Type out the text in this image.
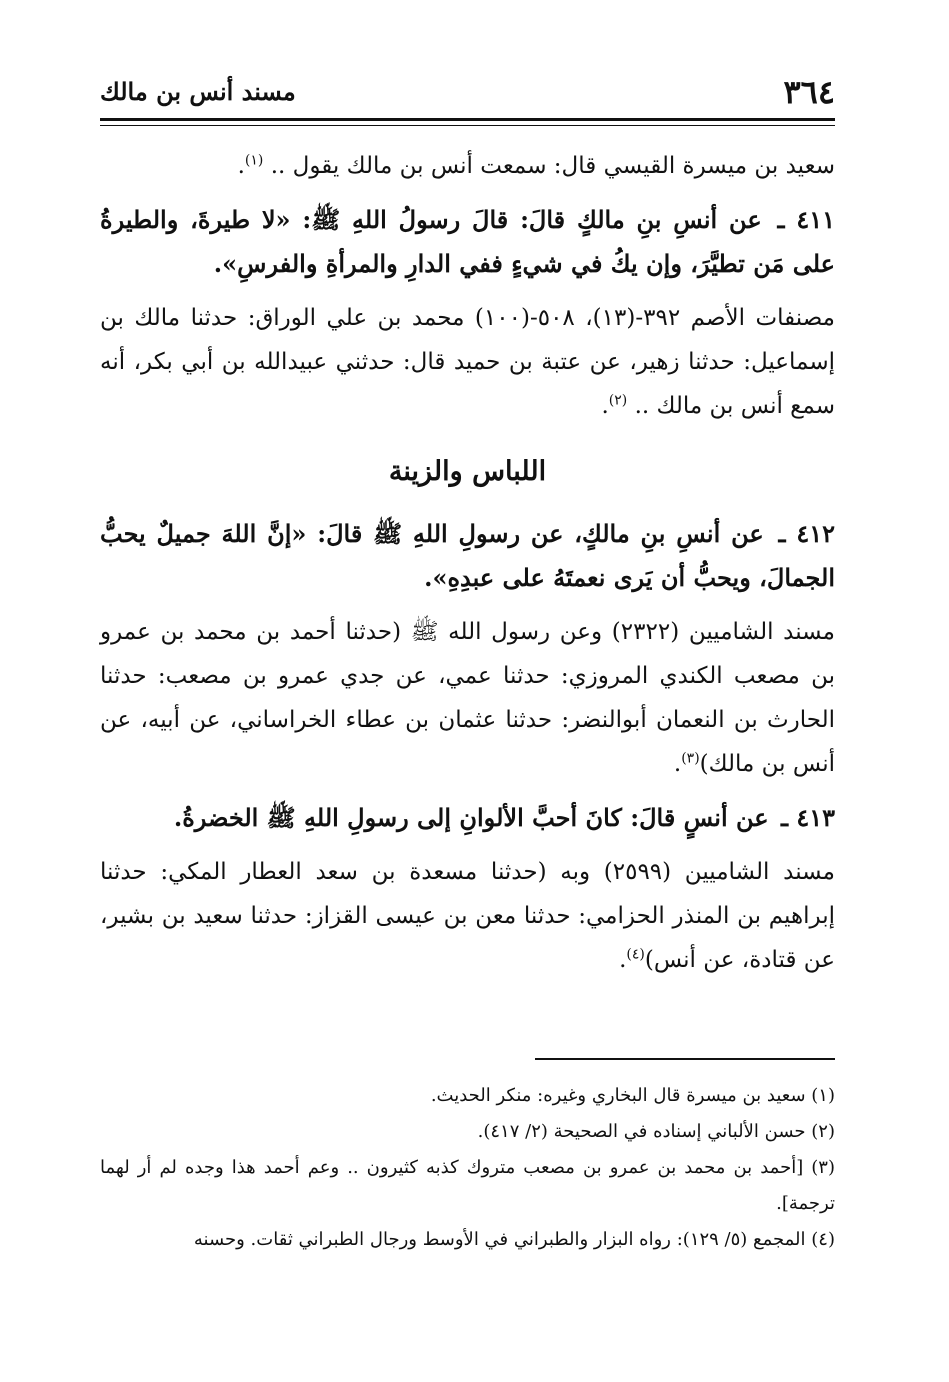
٣٦٤
مسند أنس بن مالك

سعيد بن ميسرة القيسي قال: سمعت أنس بن مالك يقول .. $^{(١)}$.

٤١١ ـ عن أنسِ بنِ مالكٍ قالَ: قالَ رسولُ اللهِ ﷺ: «لا طيرةَ، والطيرةُ على مَن تطيَّرَ، وإن يكُ في شيءٍ ففي الدارِ والمرأةِ والفرسِ».

مصنفات الأصم ٣٩٢-(١٣)، ٥٠٨-(١٠٠) محمد بن علي الوراق: حدثنا مالك بن إسماعيل: حدثنا زهير، عن عتبة بن حميد قال: حدثني عبيدالله بن أبي بكر، أنه سمع أنس بن مالك .. $^{(٢)}$.

اللباس والزينة

٤١٢ ـ عن أنسِ بنِ مالكٍ، عن رسولِ اللهِ ﷺ قالَ: «إنَّ اللهَ جميلٌ يحبُّ الجمالَ، ويحبُّ أن يَرى نعمتَهُ على عبدِهِ».

مسند الشاميين (٢٣٢٢) وعن رسول الله ﷺ (حدثنا أحمد بن محمد بن عمرو بن مصعب الكندي المروزي: حدثنا عمي، عن جدي عمرو بن مصعب: حدثنا الحارث بن النعمان أبوالنضر: حدثنا عثمان بن عطاء الخراساني، عن أبيه، عن أنس بن مالك)$^{(٣)}$.

٤١٣ ـ عن أنسٍ قالَ: كانَ أحبَّ الألوانِ إلى رسولِ اللهِ ﷺ الخضرةُ.

مسند الشاميين (٢٥٩٩) وبه (حدثنا مسعدة بن سعد العطار المكي: حدثنا إبراهيم بن المنذر الحزامي: حدثنا معن بن عيسى القزاز: حدثنا سعيد بن بشير، عن قتادة، عن أنس)$^{(٤)}$.

(١) سعيد بن ميسرة قال البخاري وغيره: منكر الحديث.
(٢) حسن الألباني إسناده في الصحيحة (٢/ ٤١٧).
(٣) [أحمد بن محمد بن عمرو بن مصعب متروك كذبه كثيرون .. وعم أحمد هذا وجده لم أر لهما ترجمة].
(٤) المجمع (٥/ ١٢٩): رواه البزار والطبراني في الأوسط ورجال الطبراني ثقات. وحسنه
